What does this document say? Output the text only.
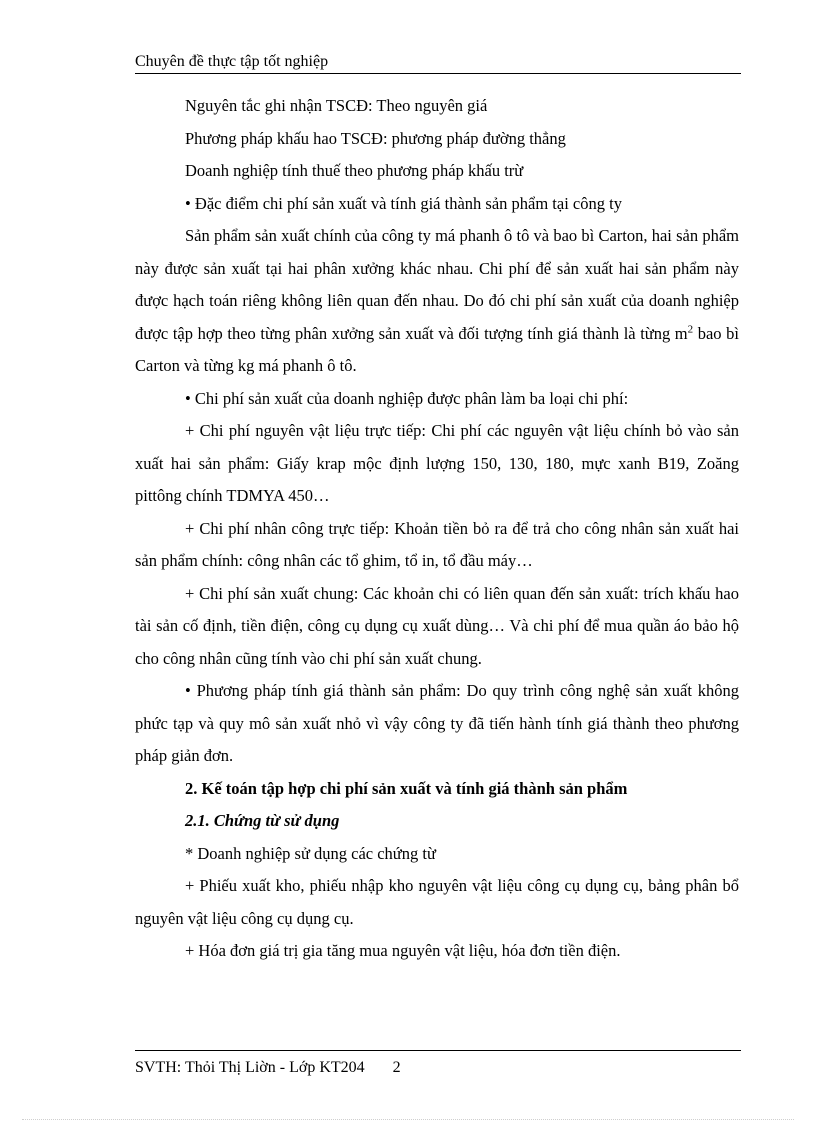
Chuyên đề thực tập tốt nghiệp

Nguyên tắc ghi nhận TSCĐ: Theo nguyên giá

Phương pháp khấu hao TSCĐ: phương pháp đường thẳng

Doanh nghiệp tính thuế theo phương pháp khấu trừ

• Đặc điểm chi phí sản xuất và tính giá thành sản phẩm tại công ty

Sản phẩm sản xuất chính của công ty má phanh ô tô và bao bì Carton, hai sản phẩm này được sản xuất tại hai phân xưởng khác nhau. Chi phí để sản xuất hai sản phẩm này được hạch toán riêng không liên quan đến nhau. Do đó chi phí sản xuất của doanh nghiệp được tập hợp theo từng phân xưởng sản xuất và đối tượng tính giá thành là từng $m^2$ bao bì Carton và từng kg má phanh ô tô.

• Chi phí sản xuất của doanh nghiệp được phân làm ba loại chi phí:

+ Chi phí nguyên vật liệu trực tiếp: Chi phí các nguyên vật liệu chính bỏ vào sản xuất hai sản phẩm: Giấy krap mộc định lượng 150, 130, 180, mực xanh B19, Zoăng pittông chính TDMYA 450…

+ Chi phí nhân công trực tiếp: Khoản tiền bỏ ra để trả cho công nhân sản xuất hai sản phẩm chính: công nhân các tổ ghim, tổ in, tổ đầu máy…

+ Chi phí sản xuất chung: Các khoản chi có liên quan đến sản xuất: trích khấu hao tài sản cố định, tiền điện, công cụ dụng cụ xuất dùng… Và chi phí để mua quần áo bảo hộ cho công nhân cũng tính vào chi phí sản xuất chung.

• Phương pháp tính giá thành sản phẩm: Do quy trình công nghệ sản xuất không phức tạp và quy mô sản xuất nhỏ vì vậy công ty đã tiến hành tính giá thành theo phương pháp giản đơn.

2. Kế toán tập hợp chi phí sản xuất và tính giá thành sản phẩm

2.1. Chứng từ sử dụng

* Doanh nghiệp sử dụng các chứng từ

+ Phiếu xuất kho, phiếu nhập kho nguyên vật liệu công cụ dụng cụ, bảng phân bổ nguyên vật liệu công cụ dụng cụ.

+ Hóa đơn giá trị gia tăng mua nguyên vật liệu, hóa đơn tiền điện.

SVTH: Thỏi Thị Liờn - Lớp KT204 2
